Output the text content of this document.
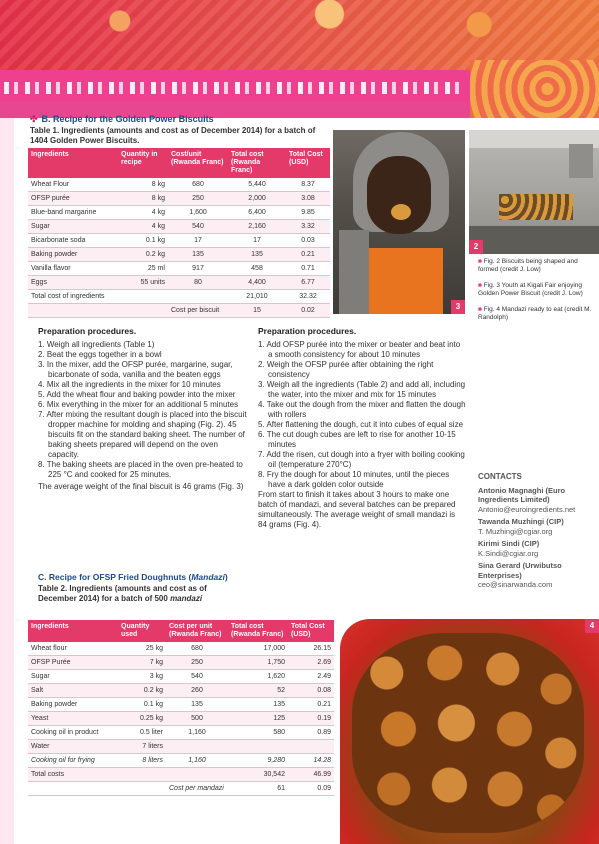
✣ B. Recipe for the Golden Power Biscuits
Table 1. Ingredients (amounts and cost as of December 2014) for a batch of 1404 Golden Power Biscuits.
Ingredients	Quantity in recipe	Cost/unit (Rwanda Franc)	Total cost (Rwanda Franc)	Total Cost (USD)
Wheat Flour	8 kg	680	5,440	8.37
OFSP purée	8 kg	250	2,000	3.08
Blue-band margarine	4 kg	1,600	6,400	9.85
Sugar	4 kg	540	2,160	3.32
Bicarbonate soda	0.1 kg	17	17	0.03
Baking powder	0.2 kg	135	135	0.21
Vanilla flavor	25 ml	917	458	0.71
Eggs	55 units	80	4,400	6.77
Total cost of ingredients			21,010	32.32
		Cost per biscuit	15	0.02	3
2
■ Fig. 2 Biscuits being shaped and formed (credit J. Low)
■ Fig. 3 Youth at Kigali Fair enjoying Golden Power Biscuit (credit J. Low)
■ Fig. 4 Mandazi ready to eat (credit M. Randolph)
Preparation procedures.
1. Weigh all ingredients (Table 1)
2. Beat the eggs together in a bowl
3. In the mixer, add the OFSP purée, margarine, sugar, bicarbonate of soda, vanilla and the beaten eggs
4. Mix all the ingredients in the mixer for 10 minutes
5. Add the wheat flour and baking powder into the mixer
6. Mix everything in the mixer for an additional 5 minutes
7. After mixing the resultant dough is placed into the biscuit dropper machine for molding and shaping (Fig. 2). 45 biscuits fit on the standard baking sheet. The number of baking sheets prepared will depend on the oven capacity.
8. The baking sheets are placed in the oven pre-heated to 225 °C and cooked for 25 minutes.
The average weight of the final biscuit is 46 grams (Fig. 3)
Preparation procedures.
1. Add OFSP purée into the mixer or beater and beat into a smooth consistency for about 10 minutes
2. Weigh the OFSP purée after obtaining the right consistency
3. Weigh all the ingredients (Table 2) and add all, including the water, into the mixer and mix for 15 minutes
4. Take out the dough from the mixer and flatten the dough with rollers
5. After flattening the dough, cut it into cubes of equal size
6. The cut dough cubes are left to rise for another 10-15 minutes
7. Add the risen, cut dough into a fryer with boiling cooking oil (temperature 270°C)
8. Fry the dough for about 10 minutes, until the pieces have a dark golden color outside
From start to finish it takes about 3 hours to make one batch of mandazi, and several batches can be prepared simultaneously. The average weight of small mandazi is 84 grams (Fig. 4).
CONTACTS
Antonio Magnaghi (Euro Ingredients Limited)
Antonio@euroingredients.net
Tawanda Muzhingi (CIP)
T. Muzhingi@cgiar.org
Kirimi Sindi (CIP)
K.Sindi@cgiar.org
Sina Gerard (Urwibutso Enterprises)
ceo@sinarwanda.com
C. Recipe for OFSP Fried Doughnuts (Mandazi)
Table 2. Ingredients (amounts and cost as of December 2014) for a batch of 500 mandazi
Ingredients	Quantity used	Cost per unit (Rwanda Franc)	Total cost (Rwanda Franc)	Total Cost (USD)
Wheat flour	25 kg	680	17,000	26.15
OFSP Purée	7 kg	250	1,750	2.69
Sugar	3 kg	540	1,620	2.49
Salt	0.2 kg	260	52	0.08
Baking powder	0.1 kg	135	135	0.21
Yeast	0.25 kg	500	125	0.19
Cooking oil in product	0.5 liter	1,160	580	0.89
Water	7 liters			
Cooking oil for frying	8 liters	1,160	9,280	14.28
Total costs			30,542	46.99
		Cost per mandazi	61	0.09
4
